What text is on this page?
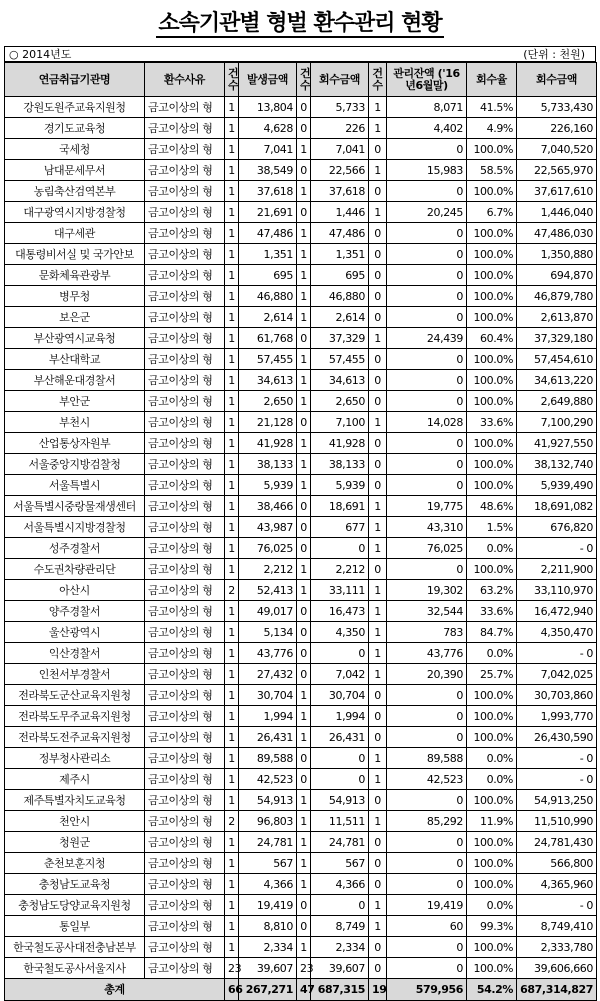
소속기관별 형벌 환수관리 현황
○ 2014년도	(단위 : 천원)
연금취급기관명	환수사유	건수	발생금액	건수	회수금액	건수	관리잔액 ('16년6월말)	회수율	회수금액
강원도원주교육지원청	금고이상의 형	1	13,804	0	5,733	1	8,071	41.5%	5,733,430
경기도교육청	금고이상의 형	1	4,628	0	226	1	4,402	4.9%	226,160
국세청	금고이상의 형	1	7,041	1	7,041	0	0	100.0%	7,040,520
남대문세무서	금고이상의 형	1	38,549	0	22,566	1	15,983	58.5%	22,565,970
농림축산검역본부	금고이상의 형	1	37,618	1	37,618	0	0	100.0%	37,617,610
대구광역시지방경찰청	금고이상의 형	1	21,691	0	1,446	1	20,245	6.7%	1,446,040
대구세관	금고이상의 형	1	47,486	1	47,486	0	0	100.0%	47,486,030
대통령비서실 및 국가안보	금고이상의 형	1	1,351	1	1,351	0	0	100.0%	1,350,880
문화체육관광부	금고이상의 형	1	695	1	695	0	0	100.0%	694,870
병무청	금고이상의 형	1	46,880	1	46,880	0	0	100.0%	46,879,780
보은군	금고이상의 형	1	2,614	1	2,614	0	0	100.0%	2,613,870
부산광역시교육청	금고이상의 형	1	61,768	0	37,329	1	24,439	60.4%	37,329,180
부산대학교	금고이상의 형	1	57,455	1	57,455	0	0	100.0%	57,454,610
부산해운대경찰서	금고이상의 형	1	34,613	1	34,613	0	0	100.0%	34,613,220
부안군	금고이상의 형	1	2,650	1	2,650	0	0	100.0%	2,649,880
부천시	금고이상의 형	1	21,128	0	7,100	1	14,028	33.6%	7,100,290
산업통상자원부	금고이상의 형	1	41,928	1	41,928	0	0	100.0%	41,927,550
서울중앙지방검찰청	금고이상의 형	1	38,133	1	38,133	0	0	100.0%	38,132,740
서울특별시	금고이상의 형	1	5,939	1	5,939	0	0	100.0%	5,939,490
서울특별시중랑물재생센터	금고이상의 형	1	38,466	0	18,691	1	19,775	48.6%	18,691,082
서울특별시지방경찰청	금고이상의 형	1	43,987	0	677	1	43,310	1.5%	676,820
성주경찰서	금고이상의 형	1	76,025	0	0	1	76,025	0.0%	- 0
수도권차량관리단	금고이상의 형	1	2,212	1	2,212	0	0	100.0%	2,211,900
아산시	금고이상의 형	2	52,413	1	33,111	1	19,302	63.2%	33,110,970
양주경찰서	금고이상의 형	1	49,017	0	16,473	1	32,544	33.6%	16,472,940
울산광역시	금고이상의 형	1	5,134	0	4,350	1	783	84.7%	4,350,470
익산경찰서	금고이상의 형	1	43,776	0	0	1	43,776	0.0%	- 0
인천서부경찰서	금고이상의 형	1	27,432	0	7,042	1	20,390	25.7%	7,042,025
전라북도군산교육지원청	금고이상의 형	1	30,704	1	30,704	0	0	100.0%	30,703,860
전라북도무주교육지원청	금고이상의 형	1	1,994	1	1,994	0	0	100.0%	1,993,770
전라북도전주교육지원청	금고이상의 형	1	26,431	1	26,431	0	0	100.0%	26,430,590
정부청사관리소	금고이상의 형	1	89,588	0	0	1	89,588	0.0%	- 0
제주시	금고이상의 형	1	42,523	0	0	1	42,523	0.0%	- 0
제주특별자치도교육청	금고이상의 형	1	54,913	1	54,913	0	0	100.0%	54,913,250
천안시	금고이상의 형	2	96,803	1	11,511	1	85,292	11.9%	11,510,990
청원군	금고이상의 형	1	24,781	1	24,781	0	0	100.0%	24,781,430
춘천보훈지청	금고이상의 형	1	567	1	567	0	0	100.0%	566,800
충청남도교육청	금고이상의 형	1	4,366	1	4,366	0	0	100.0%	4,365,960
충청남도당양교육지원청	금고이상의 형	1	19,419	0	0	1	19,419	0.0%	- 0
통일부	금고이상의 형	1	8,810	0	8,749	1	60	99.3%	8,749,410
한국철도공사대전충남본부	금고이상의 형	1	2,334	1	2,334	0	0	100.0%	2,333,780
한국철도공사서울지사	금고이상의 형	23	39,607	23	39,607	0	0	100.0%	39,606,660
총계		66	267,271	47	687,315	19	579,956	54.2%	687,314,827
